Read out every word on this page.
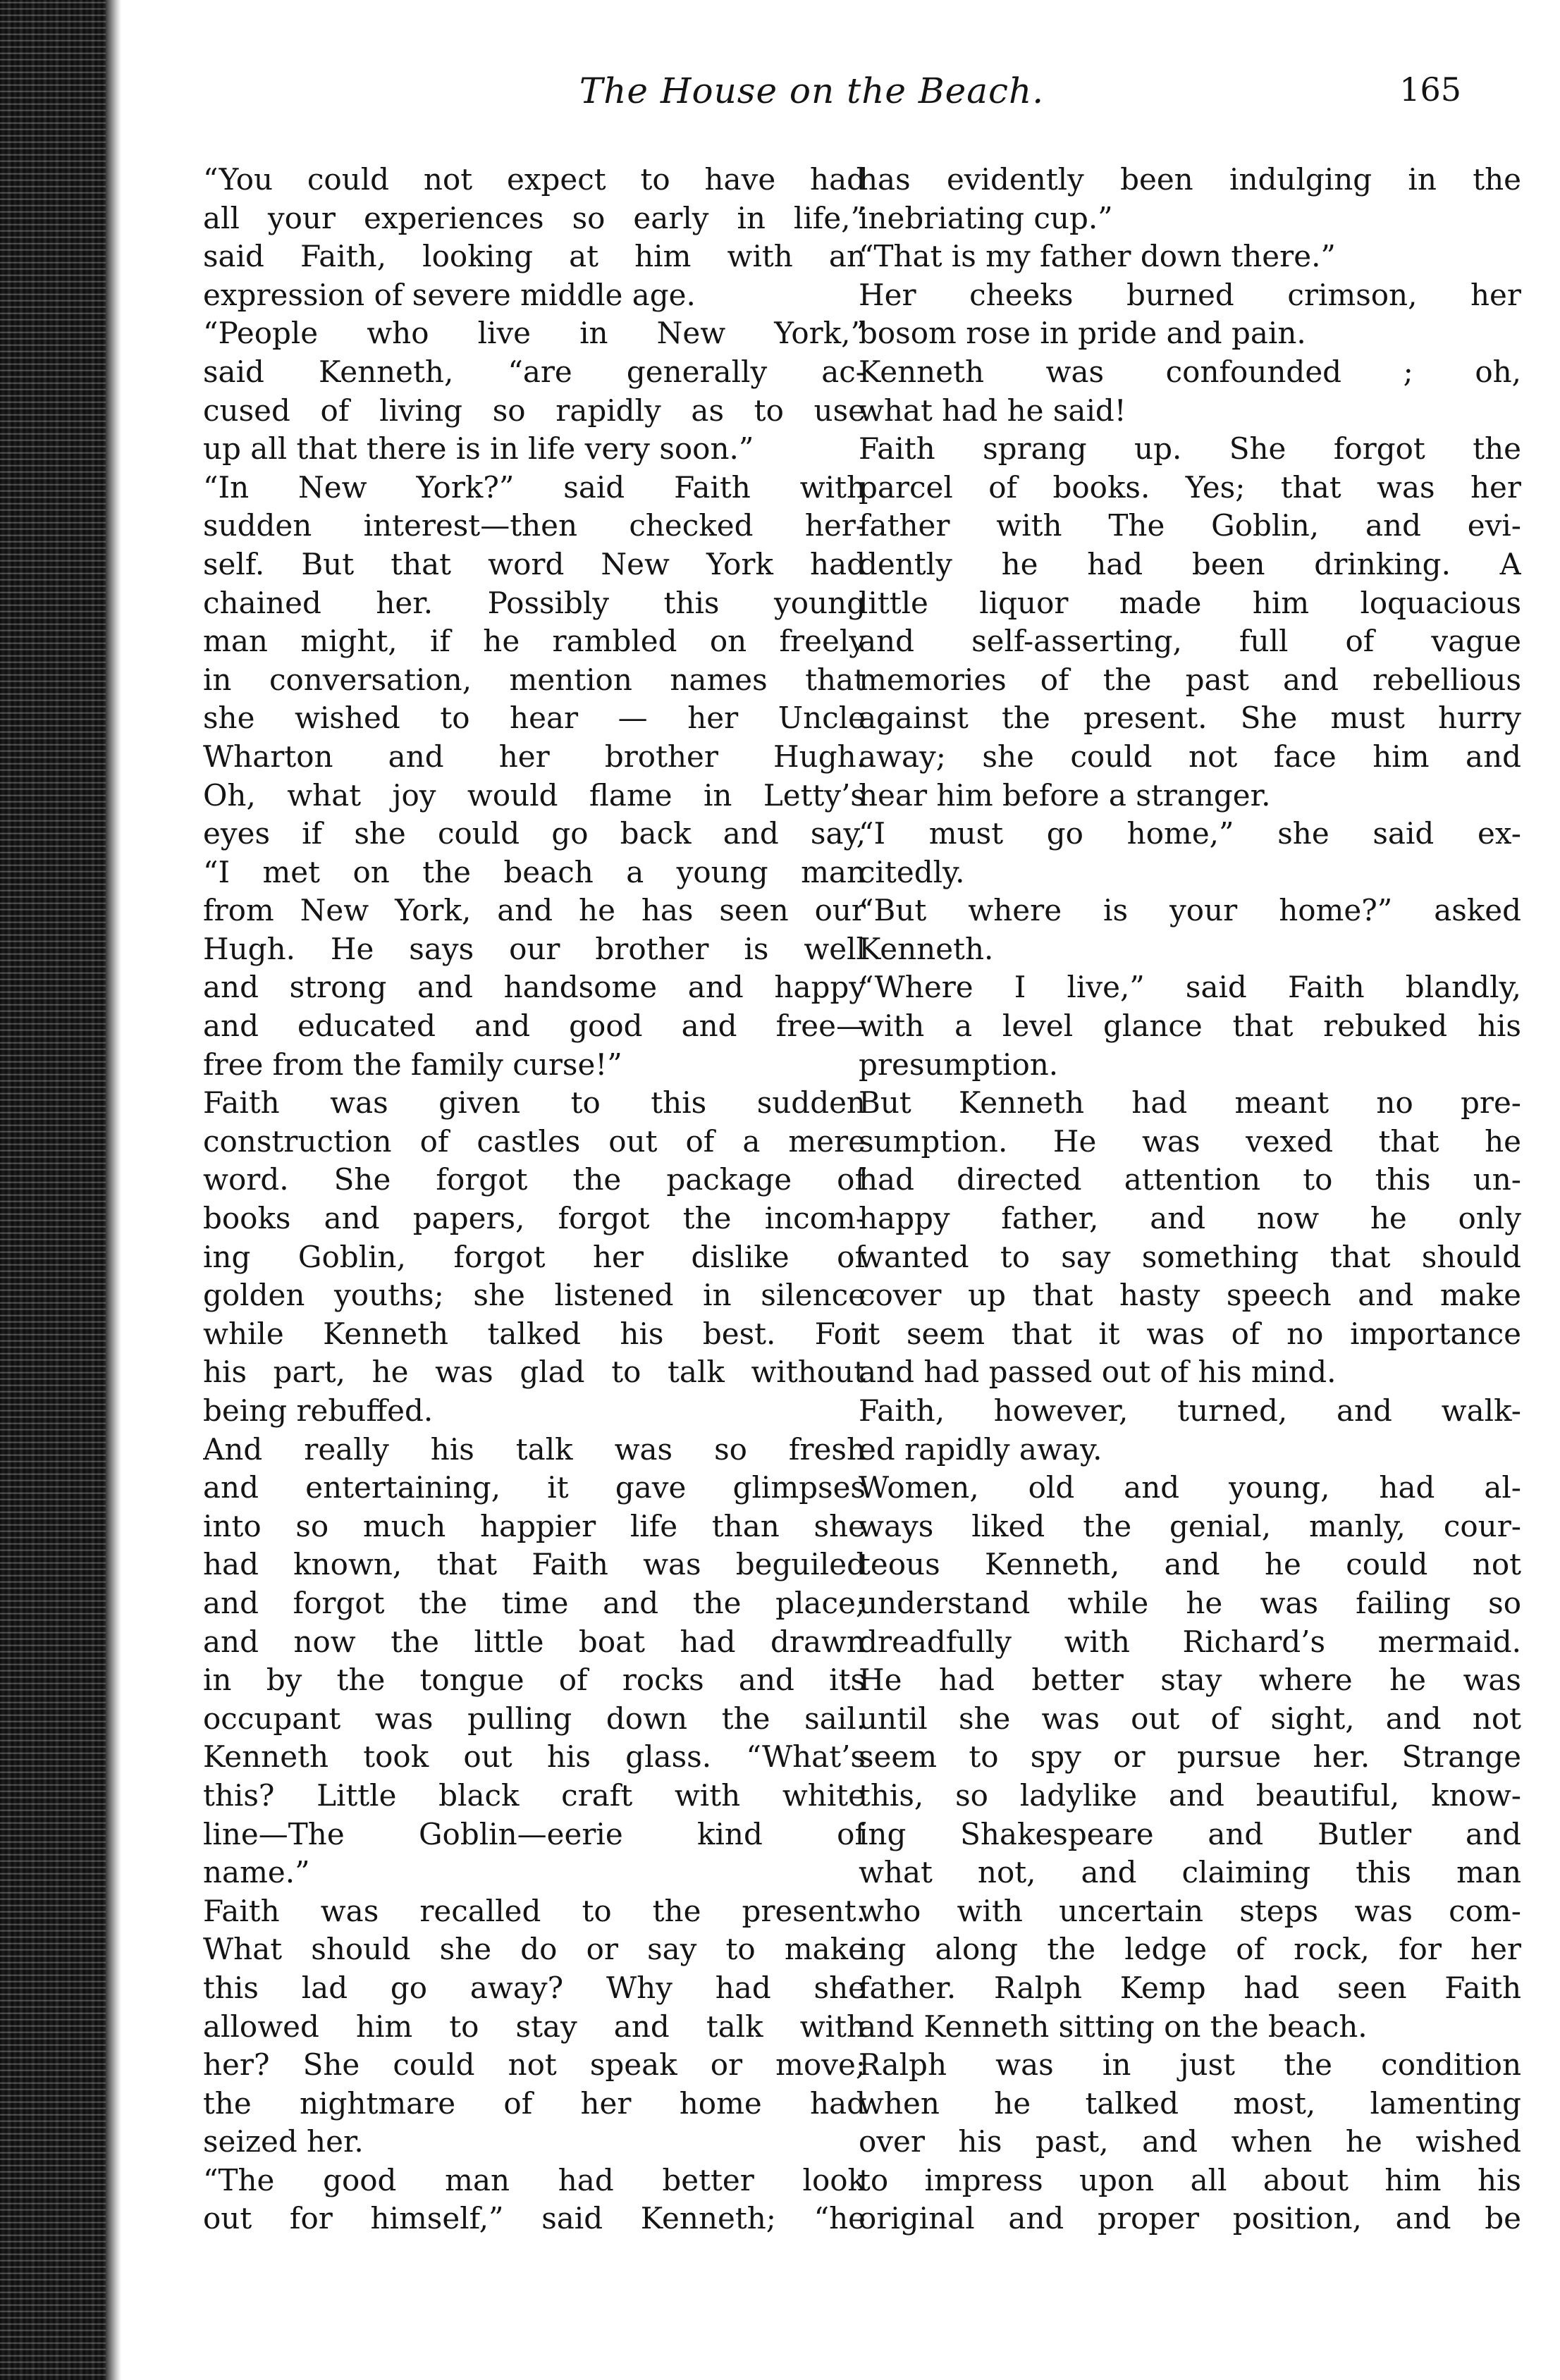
The House on the Beach.	165
“You could not expect to have had
all your experiences so early in life,”
said Faith, looking at him with an
expression of severe middle age.
“People who live in New York,”
said Kenneth, “are generally ac-
cused of living so rapidly as to use
up all that there is in life very soon.”
“In New York?” said Faith with
sudden interest—then checked her-
self. But that word New York had
chained her. Possibly this young
man might, if he rambled on freely
in conversation, mention names that
she wished to hear — her Uncle
Wharton and her brother Hugh.
Oh, what joy would flame in Letty’s
eyes if she could go back and say,
“I met on the beach a young man
from New York, and he has seen our
Hugh. He says our brother is well
and strong and handsome and happy
and educated and good and free—
free from the family curse!”
Faith was given to this sudden
construction of castles out of a mere
word. She forgot the package of
books and papers, forgot the incom-
ing Goblin, forgot her dislike of
golden youths; she listened in silence
while Kenneth talked his best. For
his part, he was glad to talk without
being rebuffed.
And really his talk was so fresh
and entertaining, it gave glimpses
into so much happier life than she
had known, that Faith was beguiled
and forgot the time and the place;
and now the little boat had drawn
in by the tongue of rocks and its
occupant was pulling down the sail.
Kenneth took out his glass. “What’s
this? Little black craft with white
line—The Goblin—eerie kind of
name.”
Faith was recalled to the present.
What should she do or say to make
this lad go away? Why had she
allowed him to stay and talk with
her? She could not speak or move;
the nightmare of her home had
seized her.
“The good man had better look
out for himself,” said Kenneth; “he
has evidently been indulging in the
inebriating cup.”
“That is my father down there.”
Her cheeks burned crimson, her
bosom rose in pride and pain.
Kenneth was confounded ; oh,
what had he said!
Faith sprang up. She forgot the
parcel of books. Yes; that was her
father with The Goblin, and evi-
dently he had been drinking. A
little liquor made him loquacious
and self-asserting, full of vague
memories of the past and rebellious
against the present. She must hurry
away; she could not face him and
hear him before a stranger.
“I must go home,” she said ex-
citedly.
“But where is your home?” asked
Kenneth.
“Where I live,” said Faith blandly,
with a level glance that rebuked his
presumption.
But Kenneth had meant no pre-
sumption. He was vexed that he
had directed attention to this un-
happy father, and now he only
wanted to say something that should
cover up that hasty speech and make
it seem that it was of no importance
and had passed out of his mind.
Faith, however, turned, and walk-
ed rapidly away.
Women, old and young, had al-
ways liked the genial, manly, cour-
teous Kenneth, and he could not
understand while he was failing so
dreadfully with Richard’s mermaid.
He had better stay where he was
until she was out of sight, and not
seem to spy or pursue her. Strange
this, so ladylike and beautiful, know-
ing Shakespeare and Butler and
what not, and claiming this man
who with uncertain steps was com-
ing along the ledge of rock, for her
father. Ralph Kemp had seen Faith
and Kenneth sitting on the beach.
Ralph was in just the condition
when he talked most, lamenting
over his past, and when he wished
to impress upon all about him his
original and proper position, and be
